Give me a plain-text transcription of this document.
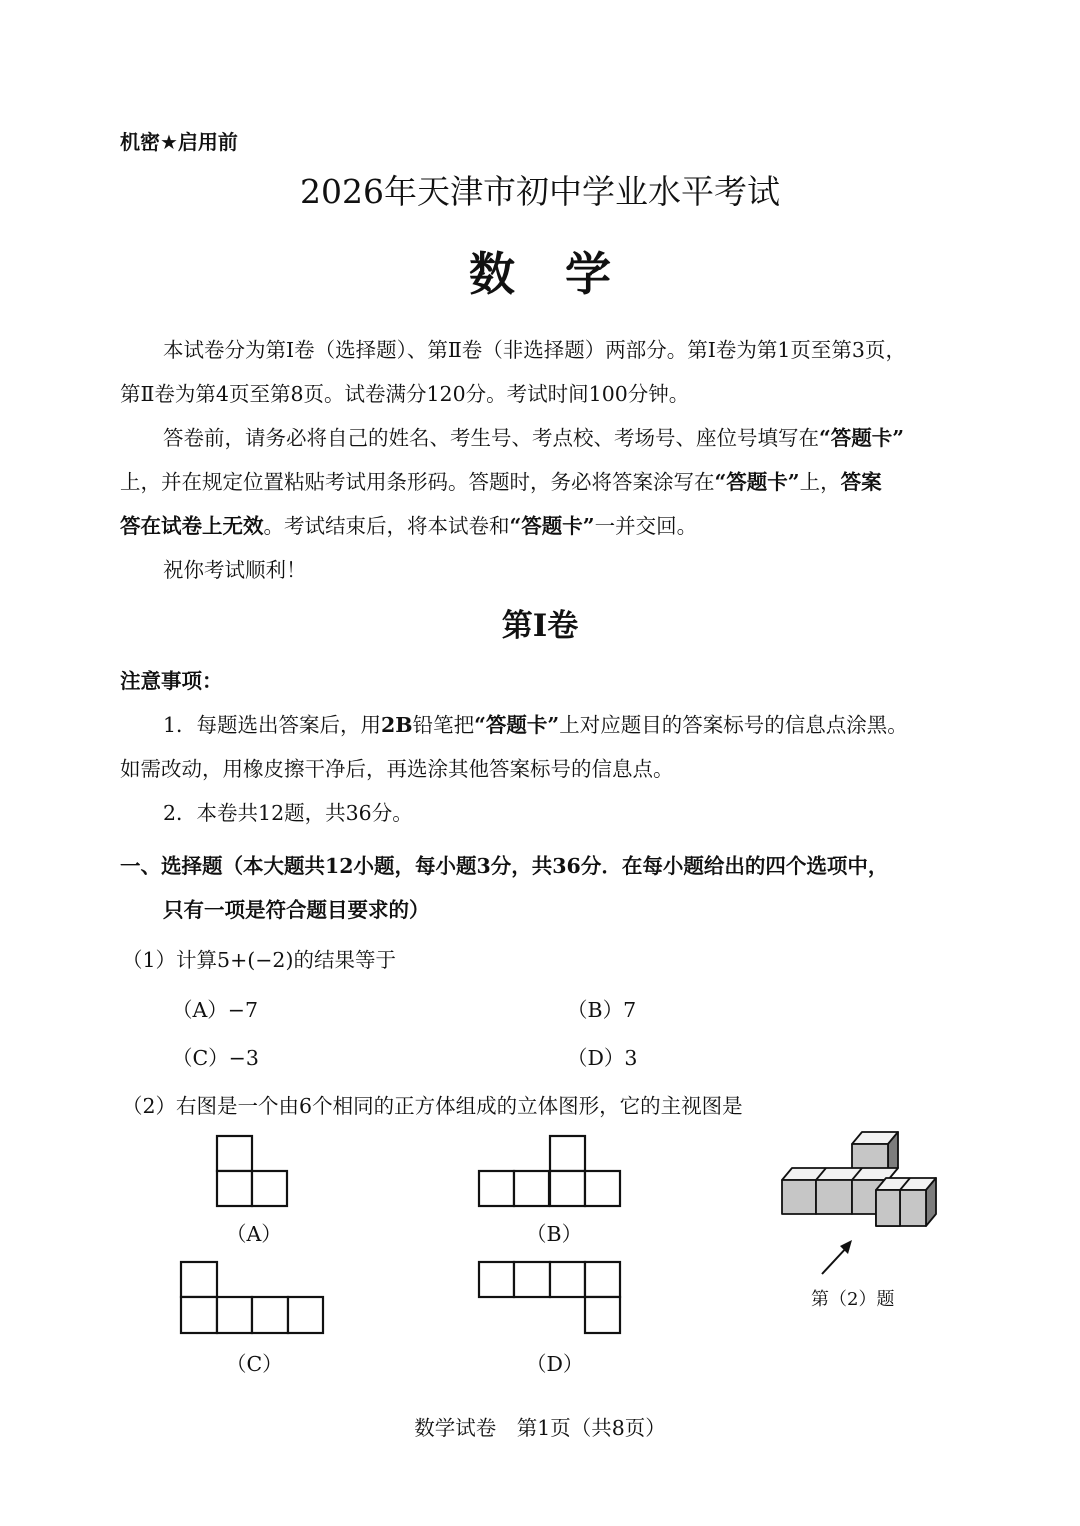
机密★启用前
2026年天津市初中学业水平考试
数学
本试卷分为第Ⅰ卷（选择题）、第Ⅱ卷（非选择题）两部分。第Ⅰ卷为第1页至第3页，
第Ⅱ卷为第4页至第8页。试卷满分120分。考试时间100分钟。
答卷前，请务必将自己的姓名、考生号、考点校、考场号、座位号填写在“答题卡”
上，并在规定位置粘贴考试用条形码。答题时，务必将答案涂写在“答题卡”上，答案
答在试卷上无效。考试结束后，将本试卷和“答题卡”一并交回。
祝你考试顺利！
第Ⅰ卷
注意事项：
1．每题选出答案后，用2B铅笔把“答题卡”上对应题目的答案标号的信息点涂黑。
如需改动，用橡皮擦干净后，再选涂其他答案标号的信息点。
2．本卷共12题，共36分。
一、选择题（本大题共12小题，每小题3分，共36分．在每小题给出的四个选项中，
只有一项是符合题目要求的）
（1）计算5+(−2)的结果等于
（A）−7	（B）7
（C）−3	（D）3
（2）右图是一个由6个相同的正方体组成的立体图形，它的主视图是
（A）	（B）
（C）	（D）
第（2）题
数学试卷　第1页（共8页）
